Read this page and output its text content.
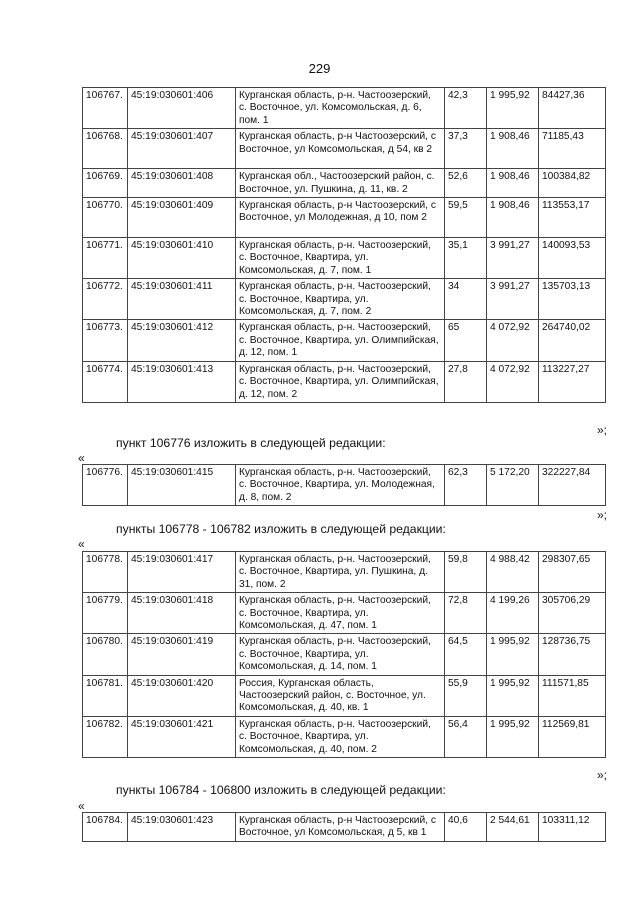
229
106767.	45:19:030601:406	Курганская область, р-н. Частоозерский, с. Восточное, ул. Комсомольская, д. 6, пом. 1	42,3	1 995,92	84427,36
106768.	45:19:030601:407	Курганская область, р-н Частоозерский, с Восточное, ул Комсомольская, д 54, кв 2	37,3	1 908,46	71185,43
106769.	45:19:030601:408	Курганская обл., Частоозерский район, с. Восточное, ул. Пушкина, д. 11, кв. 2	52,6	1 908,46	100384,82
106770.	45:19:030601:409	Курганская область, р-н Частоозерский, с Восточное, ул Молодежная, д 10, пом 2	59,5	1 908,46	113553,17
106771.	45:19:030601:410	Курганская область, р-н. Частоозерский, с. Восточное, Квартира, ул. Комсомольская, д. 7, пом. 1	35,1	3 991,27	140093,53
106772.	45:19:030601:411	Курганская область, р-н. Частоозерский, с. Восточное, Квартира, ул. Комсомольская, д. 7, пом. 2	34	3 991,27	135703,13
106773.	45:19:030601:412	Курганская область, р-н. Частоозерский, с. Восточное, Квартира, ул. Олимпийская, д. 12, пом. 1	65	4 072,92	264740,02
106774.	45:19:030601:413	Курганская область, р-н. Частоозерский, с. Восточное, Квартира, ул. Олимпийская, д. 12, пом. 2	27,8	4 072,92	113227,27
»;
пункт 106776 изложить в следующей редакции:
«
106776.	45:19:030601:415	Курганская область, р-н. Частоозерский, с. Восточное, Квартира, ул. Молодежная, д. 8, пом. 2	62,3	5 172,20	322227,84
»;
пункты 106778 - 106782 изложить в следующей редакции:
«
106778.	45:19:030601:417	Курганская область, р-н. Частоозерский, с. Восточное, Квартира, ул. Пушкина, д. 31, пом. 2	59,8	4 988,42	298307,65
106779.	45:19:030601:418	Курганская область, р-н. Частоозерский, с. Восточное, Квартира, ул. Комсомольская, д. 47, пом. 1	72,8	4 199,26	305706,29
106780.	45:19:030601:419	Курганская область, р-н. Частоозерский, с. Восточное, Квартира, ул. Комсомольская, д. 14, пом. 1	64,5	1 995,92	128736,75
106781.	45:19:030601:420	Россия, Курганская область, Частоозерский район, с. Восточное, ул. Комсомольская, д. 40, кв. 1	55,9	1 995,92	111571,85
106782.	45:19:030601:421	Курганская область, р-н. Частоозерский, с. Восточное, Квартира, ул. Комсомольская, д. 40, пом. 2	56,4	1 995,92	112569,81
»;
пункты 106784 - 106800 изложить в следующей редакции:
«
106784.	45:19:030601:423	Курганская область, р-н Частоозерский, с Восточное, ул Комсомольская, д 5, кв 1	40,6	2 544,61	103311,12
